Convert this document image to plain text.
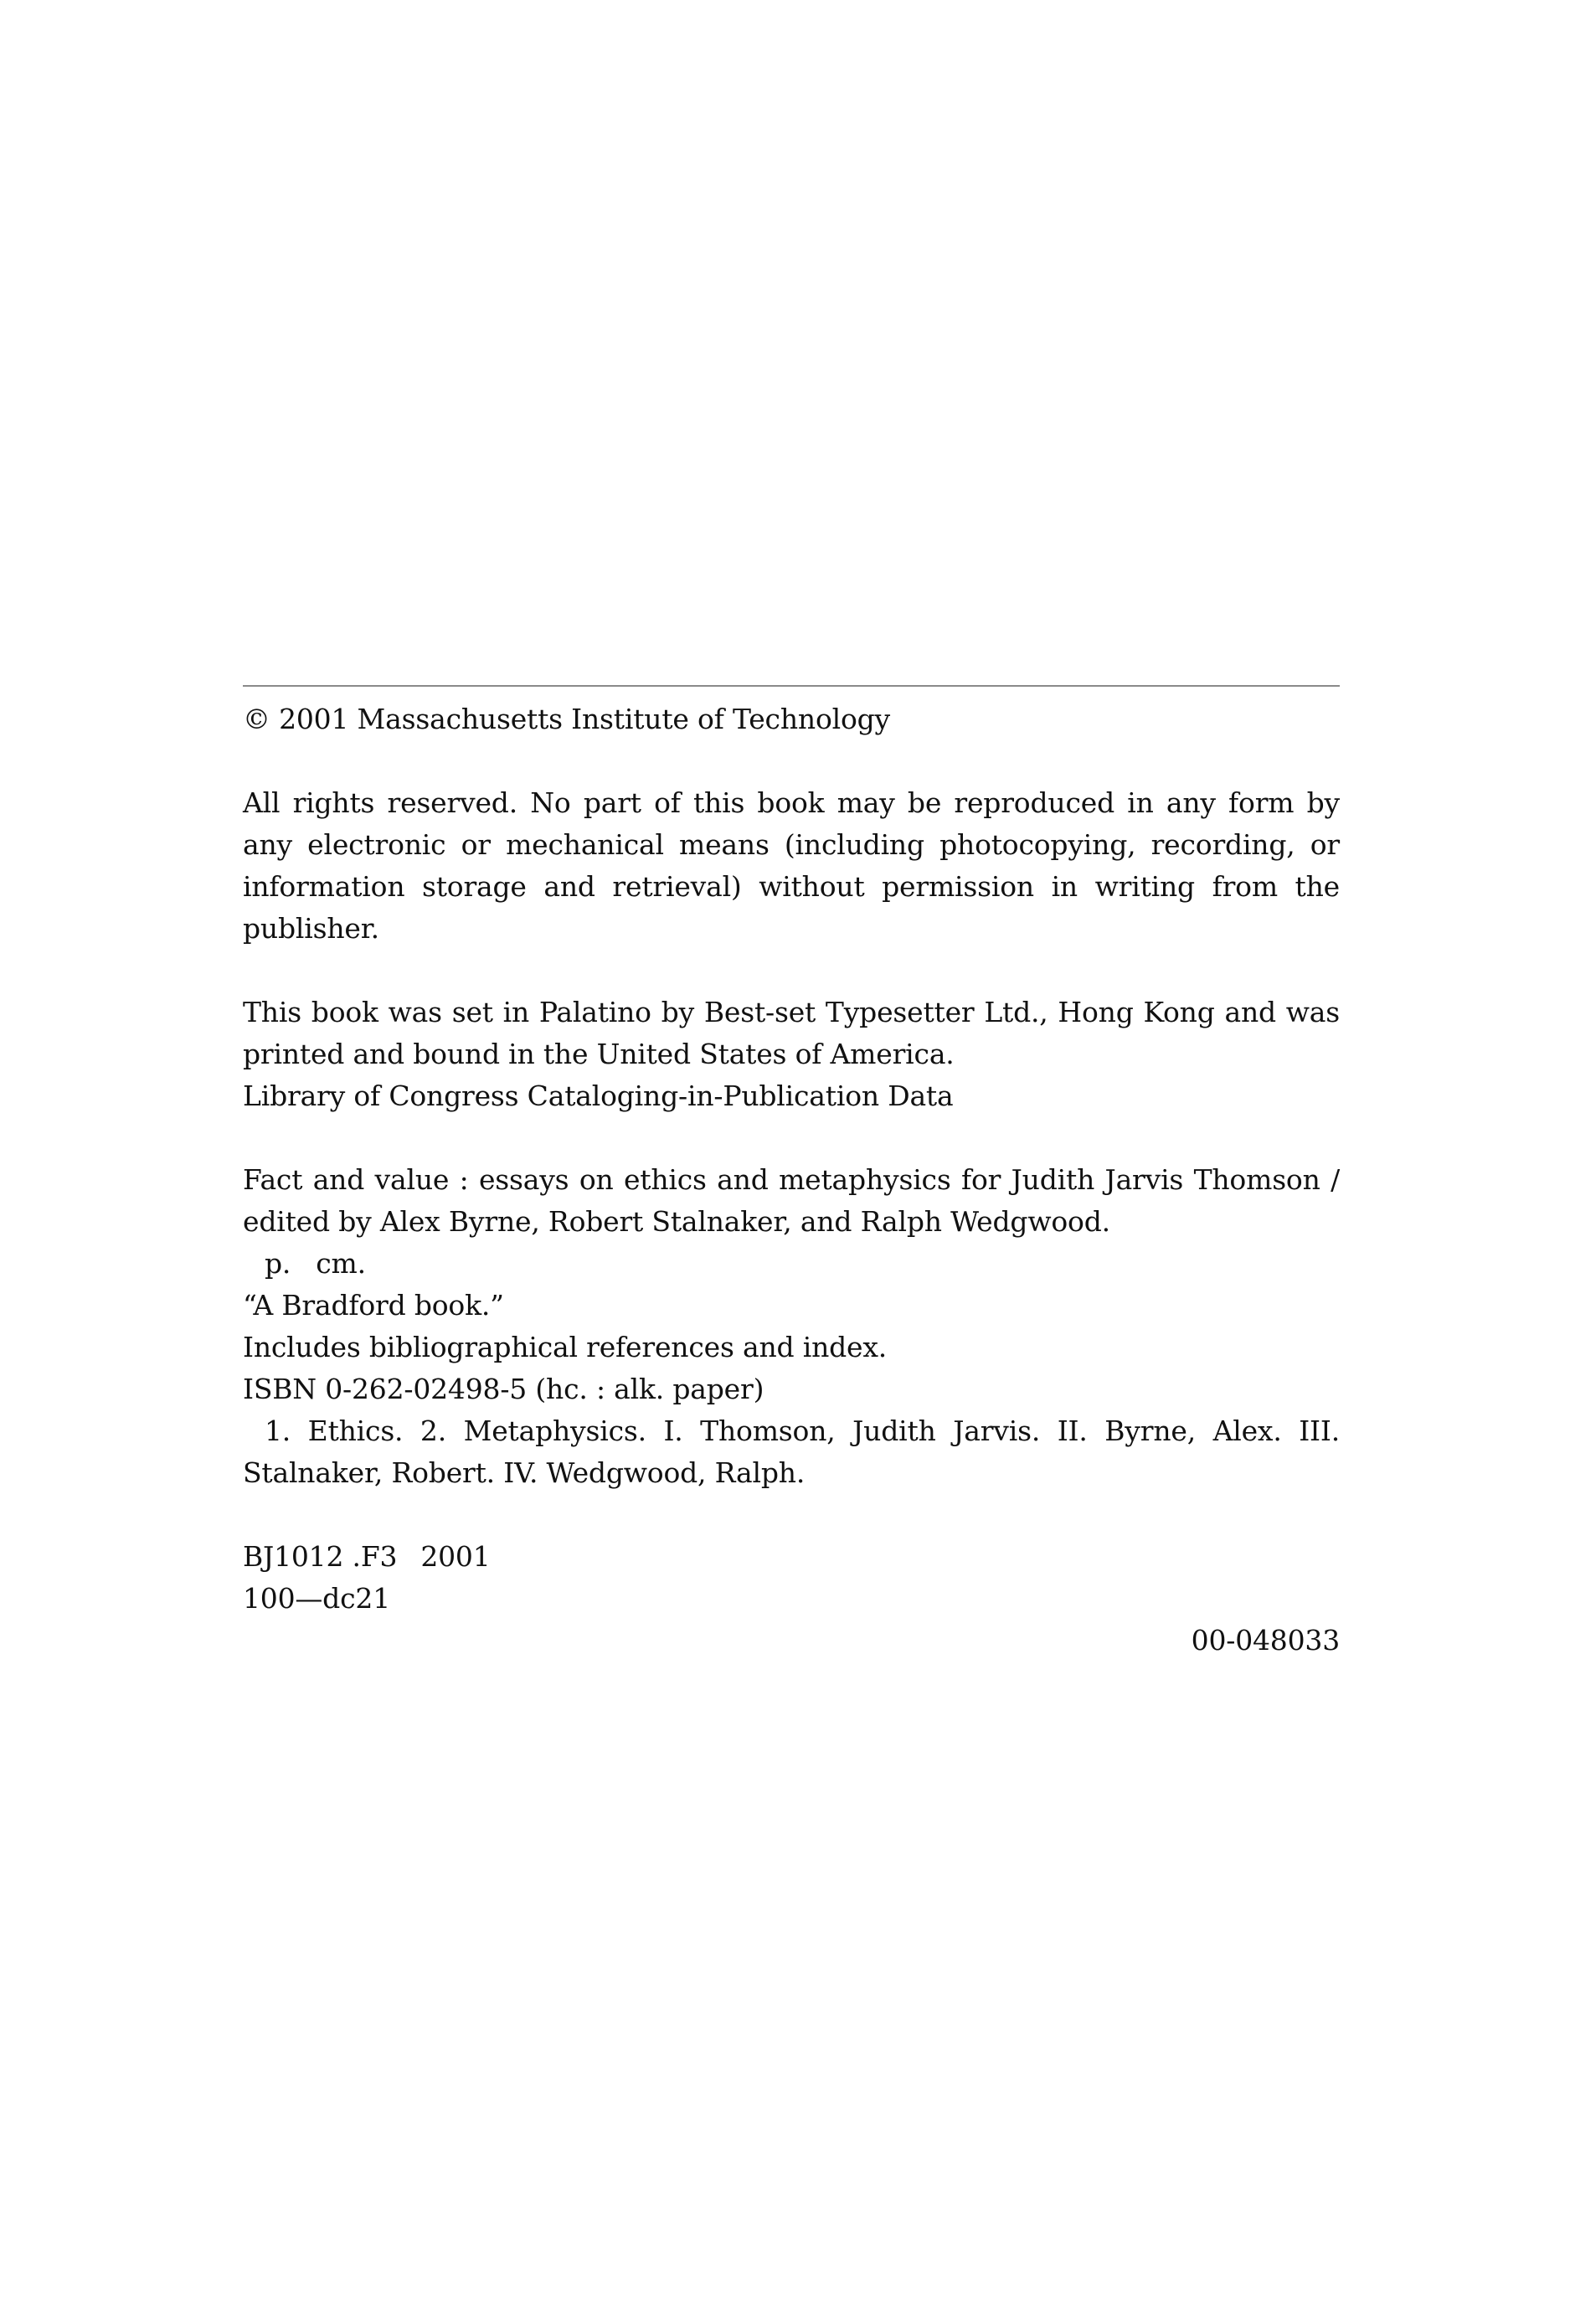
© 2001 Massachusetts Institute of Technology

All rights reserved. No part of this book may be reproduced in any form by any electronic or mechanical means (including photocopying, recording, or information storage and retrieval) without permission in writing from the publisher.

This book was set in Palatino by Best-set Typesetter Ltd., Hong Kong and was printed and bound in the United States of America.

Library of Congress Cataloging-in-Publication Data

Fact and value : essays on ethics and metaphysics for Judith Jarvis Thomson / edited by Alex Byrne, Robert Stalnaker, and Ralph Wedgwood.

p. cm.

“A Bradford book.”

Includes bibliographical references and index.

ISBN 0-262-02498-5 (hc. : alk. paper)

1. Ethics. 2. Metaphysics. I. Thomson, Judith Jarvis. II. Byrne, Alex. III. Stalnaker, Robert. IV. Wedgwood, Ralph.

BJ1012 .F3 2001

100—dc21

00-048033
